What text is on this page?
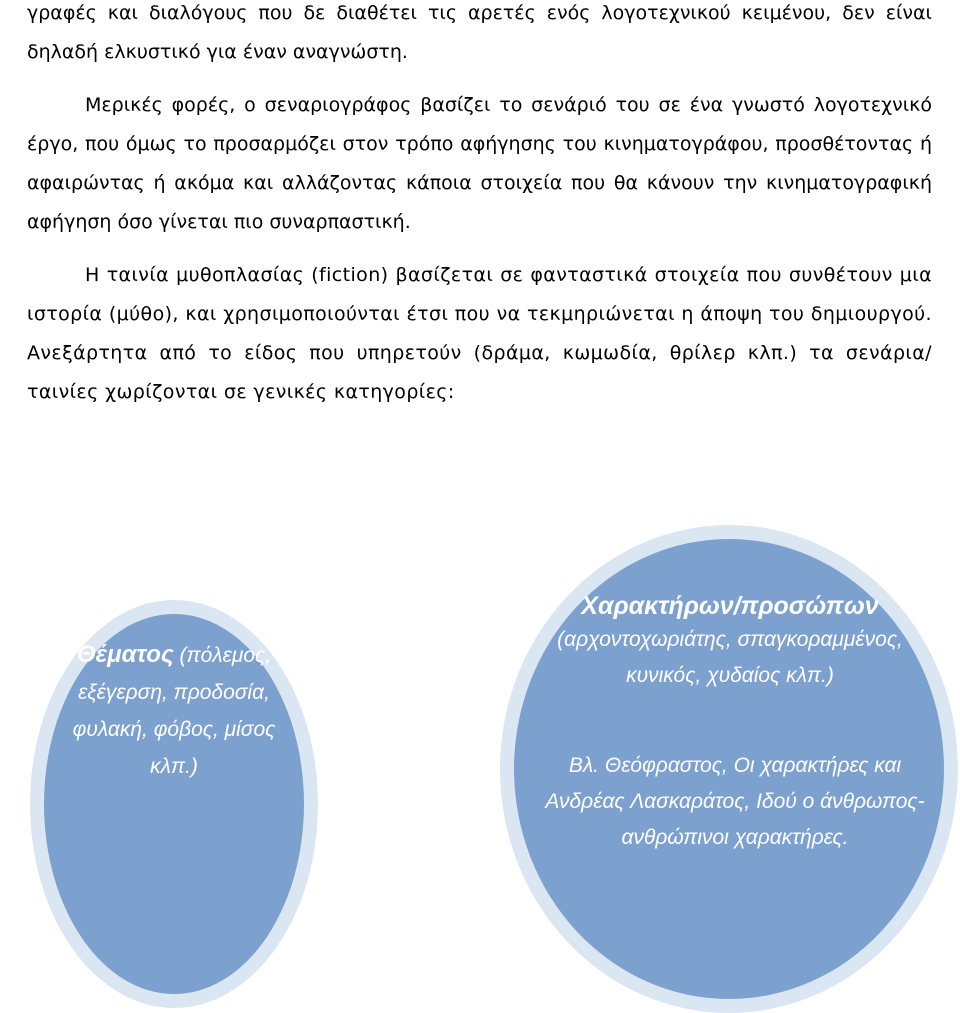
γραφές και διαλόγους που δε διαθέτει τις αρετές ενός λογοτεχνικού κειμένου, δεν είναι δηλαδή ελκυστικό για έναν αναγνώστη.

Μερικές φορές, ο σεναριογράφος βασίζει το σενάριό του σε ένα γνωστό λογοτεχνικό έργο, που όμως το προσαρμόζει στον τρόπο αφήγησης του κινηματογράφου, προσθέτοντας ή αφαιρώντας ή ακόμα και αλλάζοντας κάποια στοιχεία που θα κάνουν την κινηματογραφική αφήγηση όσο γίνεται πιο συναρπαστική.

Η ταινία μυθοπλασίας (fiction) βασίζεται σε φανταστικά στοιχεία που συνθέτουν μια ιστορία (μύθο), και χρησιμοποιούνται έτσι που να τεκμηριώνεται η άποψη του δημιουργού. Ανεξάρτητα από το είδος που υπηρετούν (δράμα, κωμωδία, θρίλερ κλπ.) τα σενάρια/ταινίες χωρίζονται σε γενικές κατηγορίες:

Θέματος (πόλεμος, εξέγερση, προδοσία, φυλακή, φόβος, μίσος κλπ.)

Χαρακτήρων/προσώπων

(αρχοντοχωριάτης, σπαγκοραμμένος, κυνικός, χυδαίος κλπ.)

Βλ. Θεόφραστος, Οι χαρακτήρες και Ανδρέας Λασκαράτος, Ιδού ο άνθρωπος-ανθρώπινοι χαρακτήρες.
